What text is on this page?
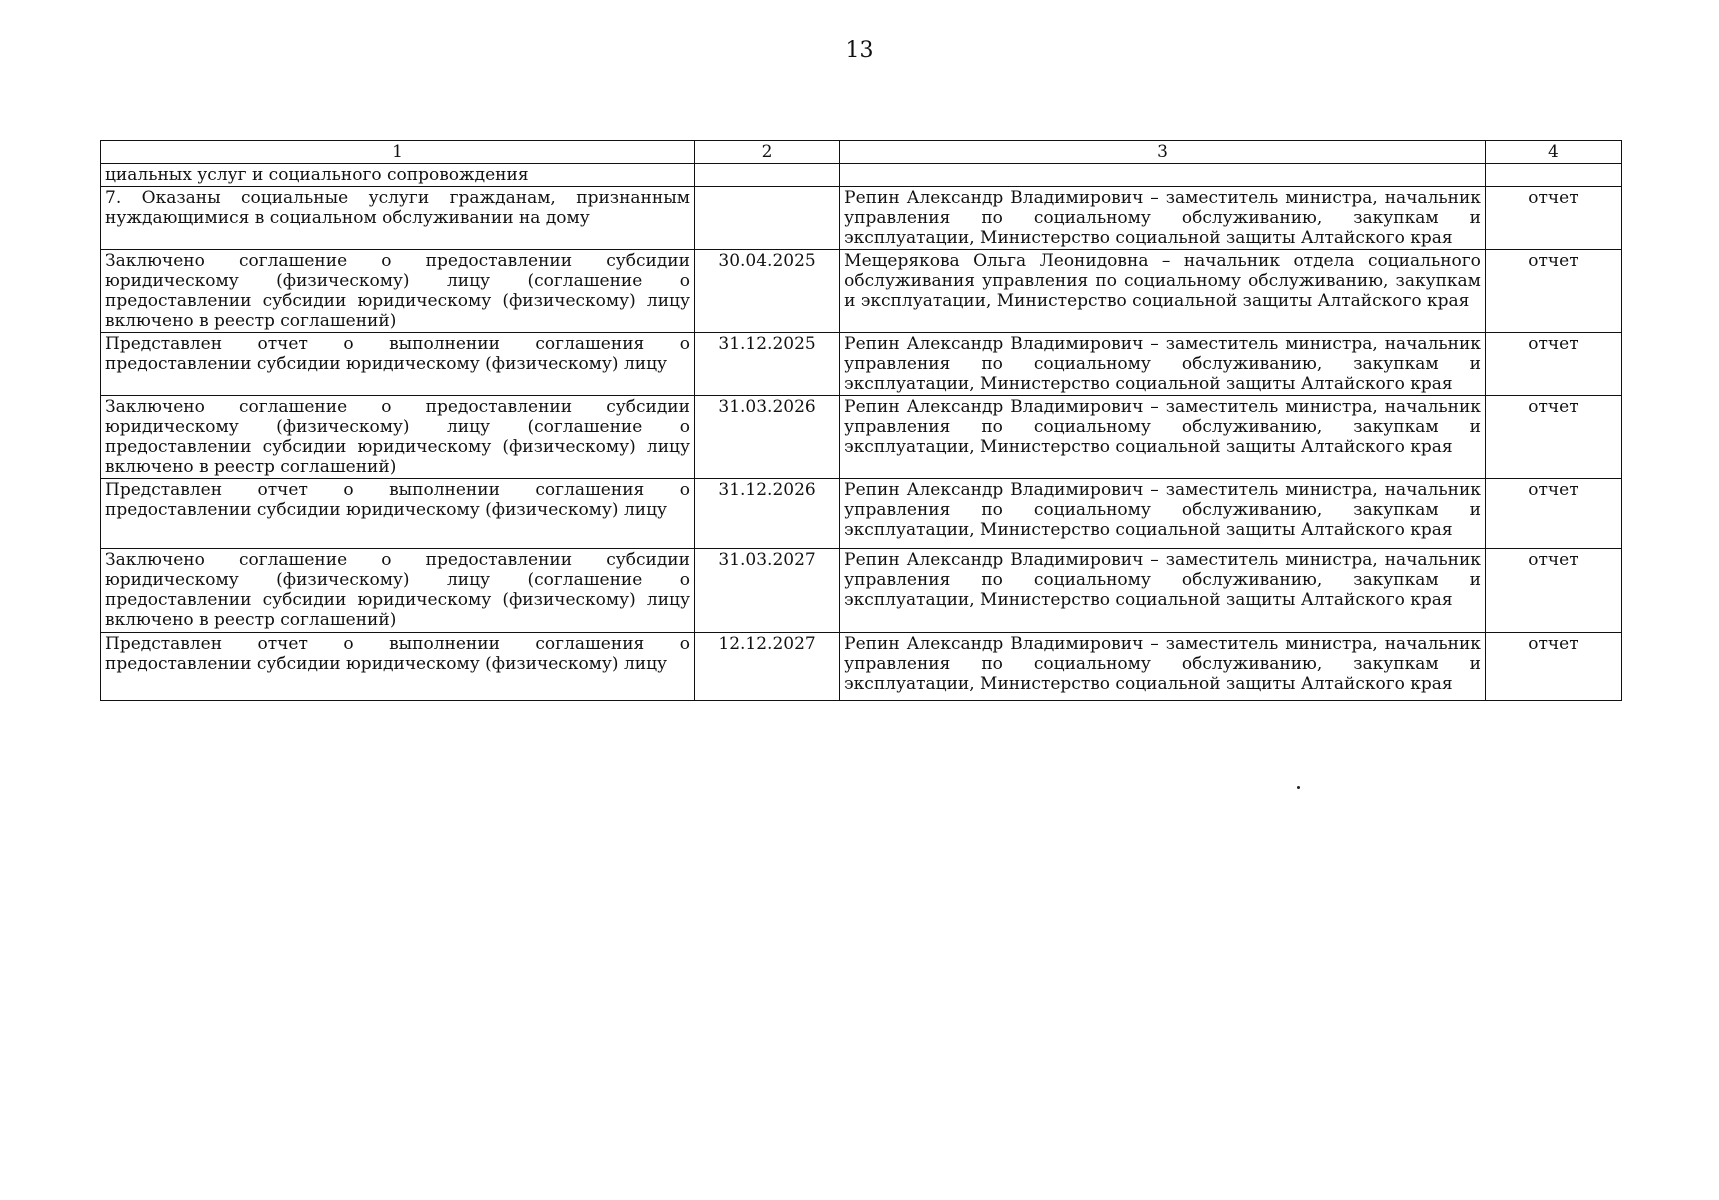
13
1	2	3	4
циальных услуг и социального сопровождения			
7. Оказаны социальные услуги гражданам, признанным нуждающимися в социальном обслуживании на дому		Репин Александр Владимирович – заместитель министра, начальник управления по социальному обслуживанию, закупкам и эксплуатации, Министерство социальной защиты Алтайского края	отчет
Заключено соглашение о предоставлении субсидии юридическому (физическому) лицу (соглашение о предоставлении субсидии юридическому (физическому) лицу включено в реестр соглашений)	30.04.2025	Мещерякова Ольга Леонидовна – начальник отдела социального обслуживания управления по социальному обслуживанию, закупкам и эксплуатации, Министерство социальной защиты Алтайского края	отчет
Представлен отчет о выполнении соглашения о предоставлении субсидии юридическому (физическому) лицу	31.12.2025	Репин Александр Владимирович – заместитель министра, начальник управления по социальному обслуживанию, закупкам и эксплуатации, Министерство социальной защиты Алтайского края	отчет
Заключено соглашение о предоставлении субсидии юридическому (физическому) лицу (соглашение о предоставлении субсидии юридическому (физическому) лицу включено в реестр соглашений)	31.03.2026	Репин Александр Владимирович – заместитель министра, начальник управления по социальному обслуживанию, закупкам и эксплуатации, Министерство социальной защиты Алтайского края	отчет
Представлен отчет о выполнении соглашения о предоставлении субсидии юридическому (физическому) лицу	31.12.2026	Репин Александр Владимирович – заместитель министра, начальник управления по социальному обслуживанию, закупкам и эксплуатации, Министерство социальной защиты Алтайского края	отчет
Заключено соглашение о предоставлении субсидии юридическому (физическому) лицу (соглашение о предоставлении субсидии юридическому (физическому) лицу включено в реестр соглашений)	31.03.2027	Репин Александр Владимирович – заместитель министра, начальник управления по социальному обслуживанию, закупкам и эксплуатации, Министерство социальной защиты Алтайского края	отчет
Представлен отчет о выполнении соглашения о предоставлении субсидии юридическому (физическому) лицу	12.12.2027	Репин Александр Владимирович – заместитель министра, начальник управления по социальному обслуживанию, закупкам и эксплуатации, Министерство социальной защиты Алтайского края	отчет
